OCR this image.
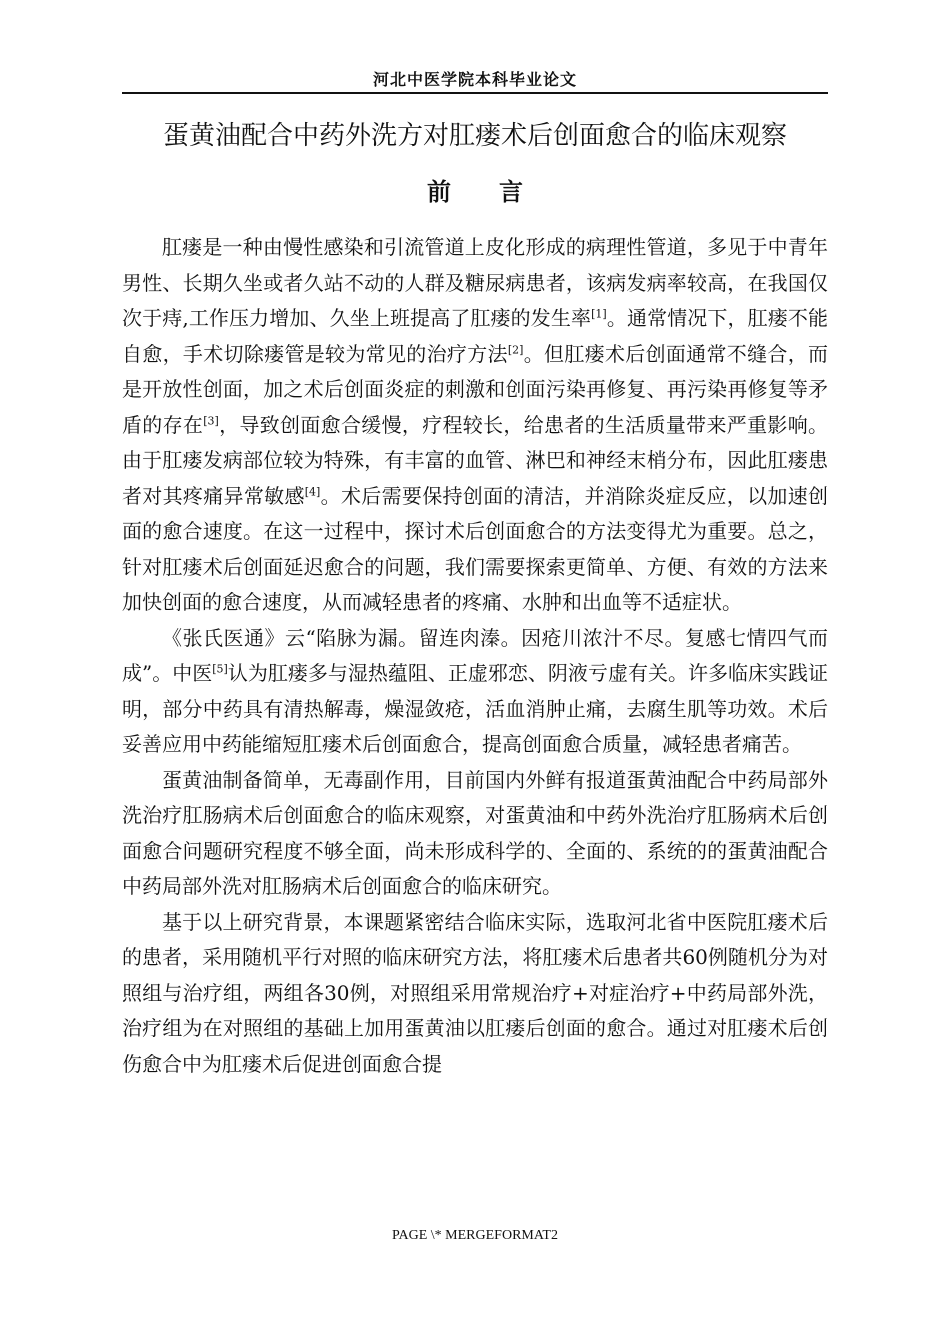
河北中医学院本科毕业论文
蛋黄油配合中药外洗方对肛瘘术后创面愈合的临床观察
前言

肛瘘是一种由慢性感染和引流管道上皮化形成的病理性管道，多见于中青年男性、长期久坐或者久站不动的人群及糖尿病患者，该病发病率较高，在我国仅次于痔,工作压力增加、久坐上班提高了肛瘘的发生率[1]。通常情况下，肛瘘不能自愈，手术切除瘘管是较为常见的治疗方法[2]。但肛瘘术后创面通常不缝合，而是开放性创面，加之术后创面炎症的刺激和创面污染再修复、再污染再修复等矛盾的存在[3]，导致创面愈合缓慢，疗程较长，给患者的生活质量带来严重影响。由于肛瘘发病部位较为特殊，有丰富的血管、淋巴和神经末梢分布，因此肛瘘患者对其疼痛异常敏感[4]。术后需要保持创面的清洁，并消除炎症反应，以加速创面的愈合速度。在这一过程中，探讨术后创面愈合的方法变得尤为重要。总之，针对肛瘘术后创面延迟愈合的问题，我们需要探索更简单、方便、有效的方法来加快创面的愈合速度，从而减轻患者的疼痛、水肿和出血等不适症状。

《张氏医通》云“陷脉为漏。留连肉溱。因疮川浓汁不尽。复感七情四气而成”。中医[5]认为肛瘘多与湿热蕴阻、正虚邪恋、阴液亏虚有关。许多临床实践证明，部分中药具有清热解毒，燥湿敛疮，活血消肿止痛，去腐生肌等功效。术后妥善应用中药能缩短肛瘘术后创面愈合，提高创面愈合质量，减轻患者痛苦。

蛋黄油制备简单，无毒副作用，目前国内外鲜有报道蛋黄油配合中药局部外洗治疗肛肠病术后创面愈合的临床观察，对蛋黄油和中药外洗治疗肛肠病术后创面愈合问题研究程度不够全面，尚未形成科学的、全面的、系统的的蛋黄油配合中药局部外洗对肛肠病术后创面愈合的临床研究。

基于以上研究背景，本课题紧密结合临床实际，选取河北省中医院肛瘘术后的患者，采用随机平行对照的临床研究方法，将肛瘘术后患者共60例随机分为对照组与治疗组，两组各30例，对照组采用常规治疗+对症治疗+中药局部外洗，治疗组为在对照组的基础上加用蛋黄油以肛瘘后创面的愈合。通过对肛瘘术后创伤愈合中为肛瘘术后促进创面愈合提

PAGE \* MERGEFORMAT2
